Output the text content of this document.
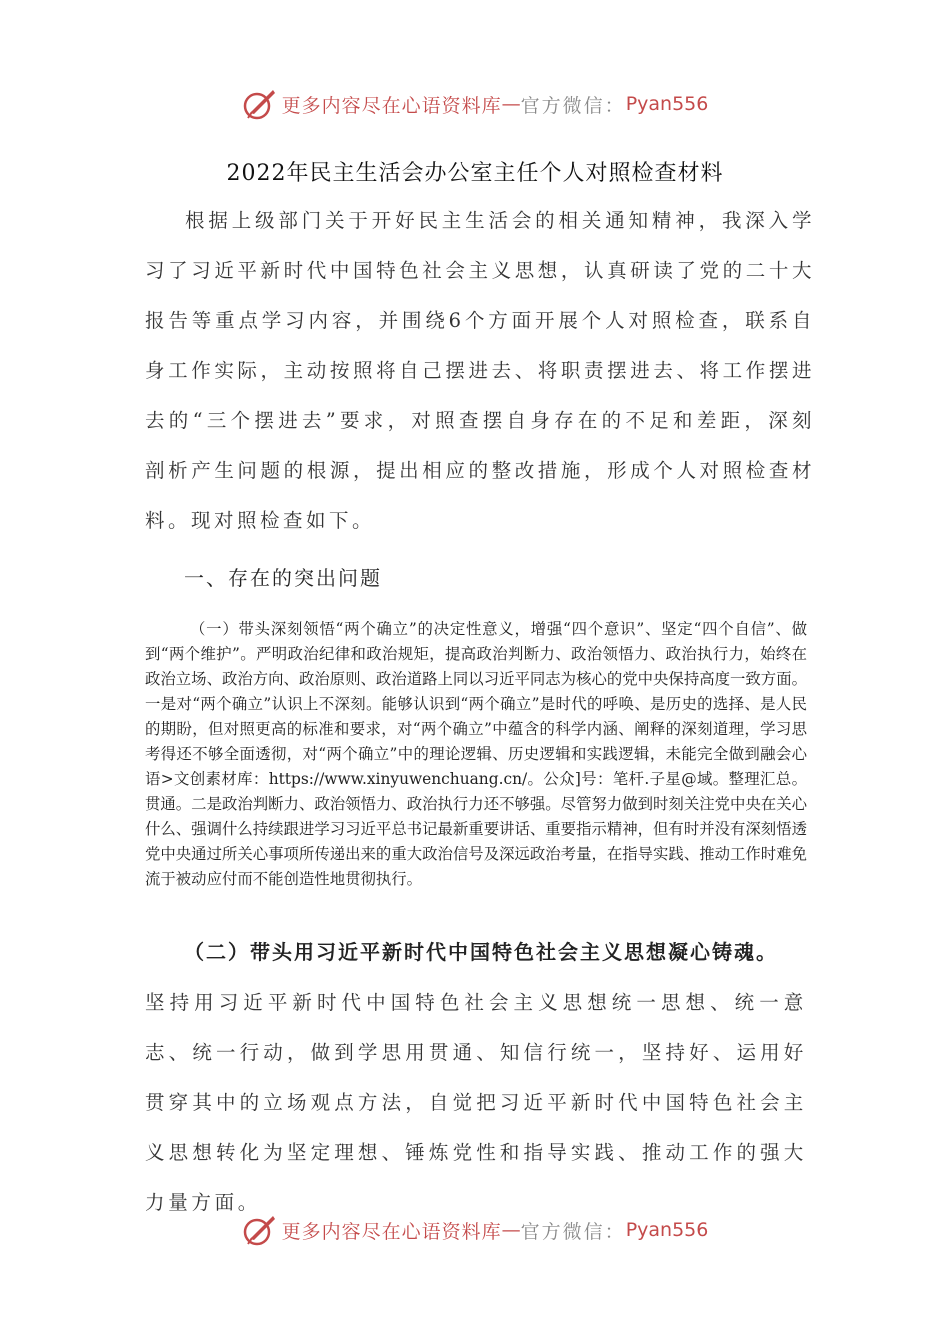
更多内容尽在心语资料库 — 官方微信： Pyan556
2022年民主生活会办公室主任个人对照检查材料

根据上级部门关于开好民主生活会的相关通知精神，我深入学习了习近平新时代中国特色社会主义思想，认真研读了党的二十大报告等重点学习内容，并围绕6个方面开展个人对照检查，联系自身工作实际，主动按照将自己摆进去、将职责摆进去、将工作摆进去的“三个摆进去”要求，对照查摆自身存在的不足和差距，深刻剖析产生问题的根源，提出相应的整改措施，形成个人对照检查材料。现对照检查如下。

一、存在的突出问题

（一）带头深刻领悟“两个确立”的决定性意义，增强“四个意识”、坚定“四个自信”、做到“两个维护”。严明政治纪律和政治规矩，提高政治判断力、政治领悟力、政治执行力，始终在政治立场、政治方向、政治原则、政治道路上同以习近平同志为核心的党中央保持高度一致方面。一是对“两个确立”认识上不深刻。能够认识到“两个确立”是时代的呼唤、是历史的选择、是人民的期盼，但对照更高的标准和要求，对“两个确立”中蕴含的科学内涵、阐释的深刻道理，学习思考得还不够全面透彻，对“两个确立”中的理论逻辑、历史逻辑和实践逻辑，未能完全做到融会心语>文创素材库：https://www.xinyuwenchuang.cn/。公众]号：笔杆.子星@域。整理汇总。贯通。二是政治判断力、政治领悟力、政治执行力还不够强。尽管努力做到时刻关注党中央在关心什么、强调什么持续跟进学习习近平总书记最新重要讲话、重要指示精神，但有时并没有深刻悟透党中央通过所关心事项所传递出来的重大政治信号及深远政治考量，在指导实践、推动工作时难免流于被动应付而不能创造性地贯彻执行。

（二）带头用习近平新时代中国特色社会主义思想凝心铸魂。

坚持用习近平新时代中国特色社会主义思想统一思想、统一意志、统一行动，做到学思用贯通、知信行统一，坚持好、运用好贯穿其中的立场观点方法，自觉把习近平新时代中国特色社会主义思想转化为坚定理想、锤炼党性和指导实践、推动工作的强大力量方面。

更多内容尽在心语资料库 — 官方微信： Pyan556
